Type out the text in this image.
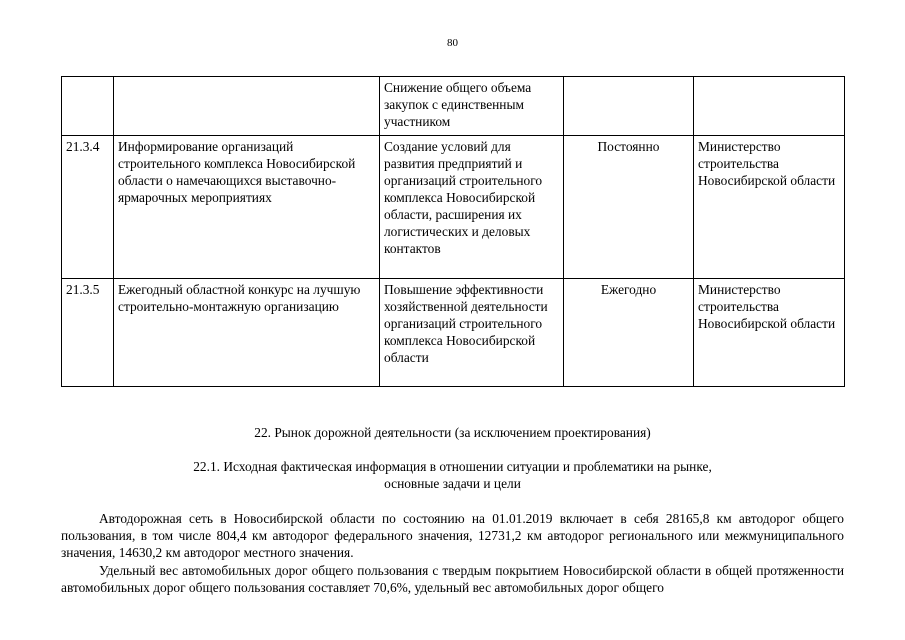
80

		Снижение общего объема закупок с единственным участником		

21.3.4	Информирование организаций строительного комплекса Новосибирской области о намечающихся выставочно-ярмарочных мероприятиях	Создание условий для развития предприятий и организаций строительного комплекса Новосибирской области, расширения их логистических и деловых контактов	Постоянно	Министерство строительства Новосибирской области

21.3.5	Ежегодный областной конкурс на лучшую строительно-монтажную организацию	Повышение эффективности хозяйственной деятельности организаций строительного комплекса Новосибирской области	Ежегодно	Министерство строительства Новосибирской области
22. Рынок дорожной деятельности (за исключением проектирования)
22.1. Исходная фактическая информация в отношении ситуации и проблематики на рынке,
основные задачи и цели

Автодорожная сеть в Новосибирской области по состоянию на 01.01.2019 включает в себя 28165,8 км автодорог общего пользования, в том числе 804,4 км автодорог федерального значения, 12731,2 км автодорог регионального или межмуниципального значения, 14630,2 км автодорог местного значения.

Удельный вес автомобильных дорог общего пользования с твердым покрытием Новосибирской области в общей протяженности автомобильных дорог общего пользования составляет 70,6%, удельный вес автомобильных дорог общего
